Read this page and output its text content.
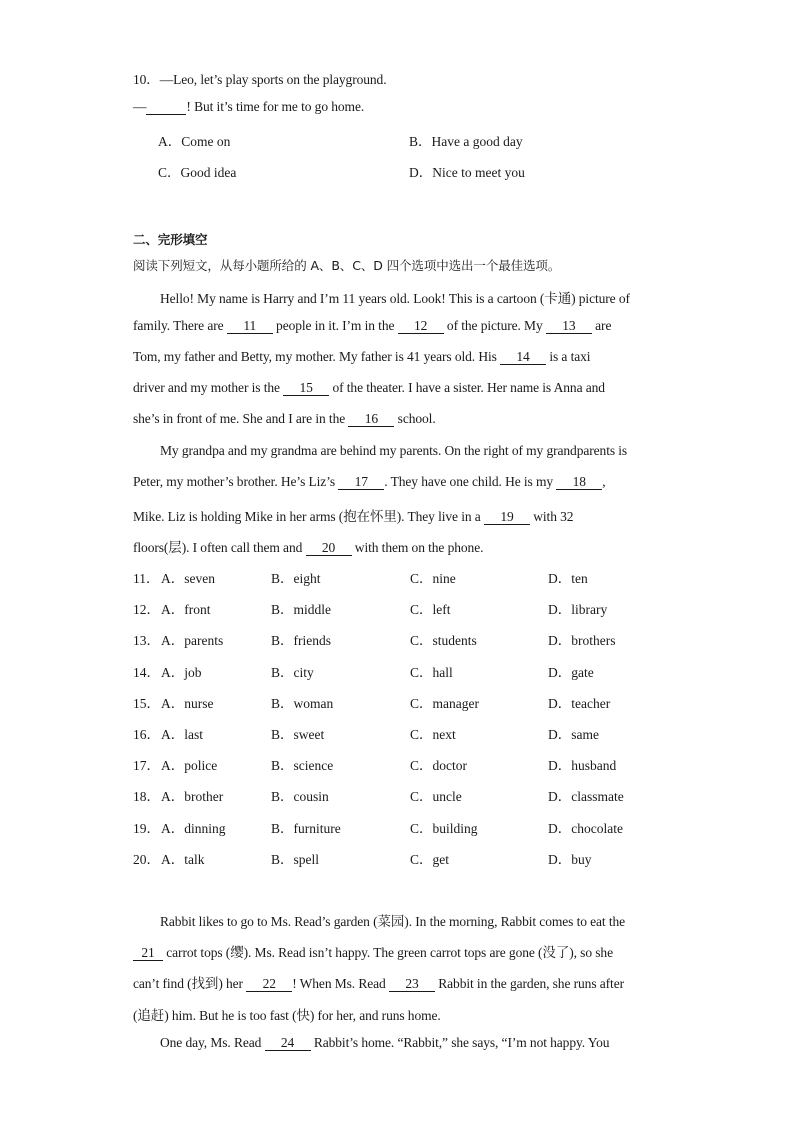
10．—Leo, let’s play sports on the playground.
—	! But it’s time for me to go home.
A．Come on	B．Have a good day
C．Good idea	D．Nice to meet you
二、完形填空
阅读下列短文，从每小题所给的 A、B、C、D 四个选项中选出一个最佳选项。
Hello! My name is Harry and I’m 11 years old. Look! This is a cartoon (卡通) picture of
family. There are 11 people in it. I’m in the 12 of the picture. My 13 are
Tom, my father and Betty, my mother. My father is 41 years old. His 14 is a taxi
driver and my mother is the 15 of the theater. I have a sister. Her name is Anna and
she’s in front of me. She and I are in the 16 school.
My grandpa and my grandma are behind my parents. On the right of my grandparents is
Peter, my mother’s brother. He’s Liz’s 17 . They have one child. He is my 18 ,
Mike. Liz is holding Mike in her arms (抱在怀里). They live in a 19 with 32
floors(层). I often call them and 20 with them on the phone.
11． A．seven	B．eight	C．nine	D．ten
12． A．front	B．middle	C．left	D．library
13． A．parents	B．friends	C．students	D．brothers
14． A．job	B．city	C．hall	D．gate
15． A．nurse	B．woman	C．manager	D．teacher
16． A．last	B．sweet	C．next	D．same
17． A．police	B．science	C．doctor	D．husband
18． A．brother	B．cousin	C．uncle	D．classmate
19． A．dinning	B．furniture	C．building	D．chocolate
20． A．talk	B．spell	C．get	D．buy
Rabbit likes to go to Ms. Read’s garden (菜园). In the morning, Rabbit comes to eat the
21 carrot tops (缨). Ms. Read isn’t happy. The green carrot tops are gone (没了), so she
can’t find (找到) her 22 ! When Ms. Read 23 Rabbit in the garden, she runs after
(追赶) him. But he is too fast (快) for her, and runs home.
One day, Ms. Read 24 Rabbit’s home. “Rabbit,” she says, “I’m not happy. You
